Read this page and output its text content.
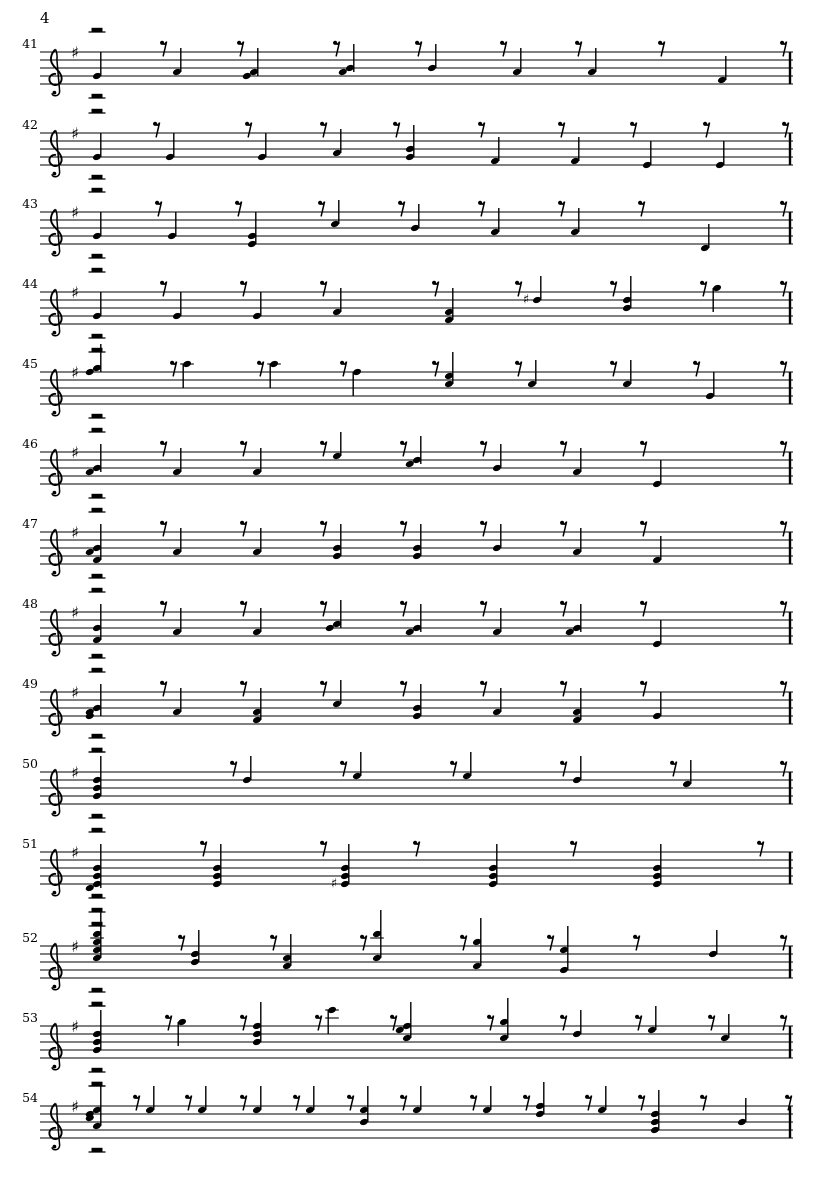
4
41 ♯
42 ♯
43 ♯
44 ♯	♯
45 ♯
46 ♯
47 ♯
48 ♯
49 ♯
50 ♯
51 ♯
♯
52 ♯
53 ♯
54 ♯
